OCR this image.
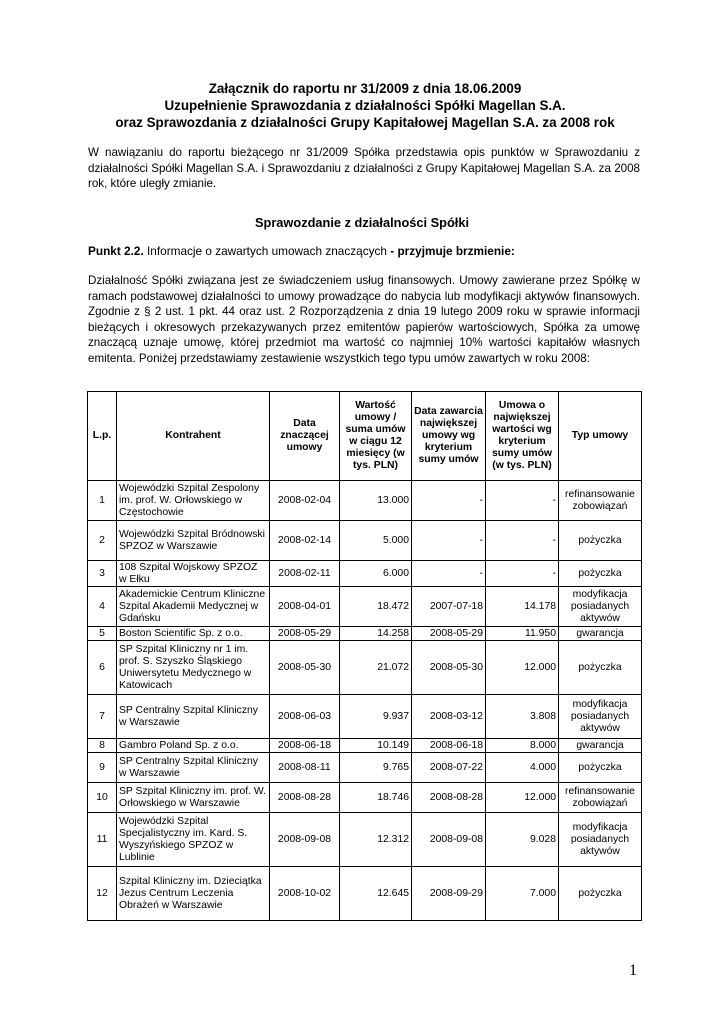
Załącznik do raportu nr 31/2009 z dnia 18.06.2009
Uzupełnienie Sprawozdania z działalności Spółki Magellan S.A.
oraz Sprawozdania z działalności Grupy Kapitałowej Magellan S.A. za 2008 rok

W nawiązaniu do raportu bieżącego nr 31/2009 Spółka przedstawia opis punktów w Sprawozdaniu z działalności Spółki Magellan S.A. i Sprawozdaniu z działalności z Grupy Kapitałowej Magellan S.A. za 2008 rok, które uległy zmianie.

Sprawozdanie z działalności Spółki
Punkt 2.2. Informacje o zawartych umowach znaczących - przyjmuje brzmienie:

Działalność Spółki związana jest ze świadczeniem usług finansowych. Umowy zawierane przez Spółkę w ramach podstawowej działalności to umowy prowadzące do nabycia lub modyfikacji aktywów finansowych. Zgodnie z § 2 ust. 1 pkt. 44 oraz ust. 2 Rozporządzenia z dnia 19 lutego 2009 roku w sprawie informacji bieżących i okresowych przekazywanych przez emitentów papierów wartościowych, Spółka za umowę znaczącą uznaje umowę, której przedmiot ma wartość co najmniej 10% wartości kapitałów własnych emitenta. Poniżej przedstawiamy zestawienie wszystkich tego typu umów zawartych w roku 2008:

L.p.	Kontrahent	Data znaczącej umowy	Wartość umowy / suma umów w ciągu 12 miesięcy (w tys. PLN)	Data zawarcia największej umowy wg kryterium sumy umów	Umowa o największej wartości wg kryterium sumy umów (w tys. PLN)	Typ umowy
1	Wojewódzki Szpital Zespolony im. prof. W. Orłowskiego w Częstochowie	2008-02-04	13.000	-	-	refinansowanie zobowiązań
2	Wojewódzki Szpital Bródnowski SPZOZ w Warszawie	2008-02-14	5.000	-	-	pożyczka
3	108 Szpital Wojskowy SPZOZ w Ełku	2008-02-11	6.000	-	-	pożyczka
4	Akademickie Centrum Kliniczne Szpital Akademii Medycznej w Gdańsku	2008-04-01	18.472	2007-07-18	14.178	modyfikacja posiadanych aktywów
5	Boston Scientific Sp. z o.o.	2008-05-29	14.258	2008-05-29	11.950	gwarancja
6	SP Szpital Kliniczny nr 1 im. prof. S. Szyszko Śląskiego Uniwersytetu Medycznego w Katowicach	2008-05-30	21.072	2008-05-30	12.000	pożyczka
7	SP Centralny Szpital Kliniczny w Warszawie	2008-06-03	9.937	2008-03-12	3.808	modyfikacja posiadanych aktywów
8	Gambro Poland Sp. z o.o.	2008-06-18	10.149	2008-06-18	8.000	gwarancja
9	SP Centralny Szpital Kliniczny w Warszawie	2008-08-11	9.765	2008-07-22	4.000	pożyczka
10	SP Szpital Kliniczny im. prof. W. Orłowskiego w Warszawie	2008-08-28	18.746	2008-08-28	12.000	refinansowanie zobowiązań
11	Wojewódzki Szpital Specjalistyczny im. Kard. S. Wyszyńskiego SPZOZ w Lublinie	2008-09-08	12.312	2008-09-08	9.028	modyfikacja posiadanych aktywów
12	Szpital Kliniczny im. Dzieciątka Jezus Centrum Leczenia Obrażeń w Warszawie	2008-10-02	12.645	2008-09-29	7.000	pożyczka
1
